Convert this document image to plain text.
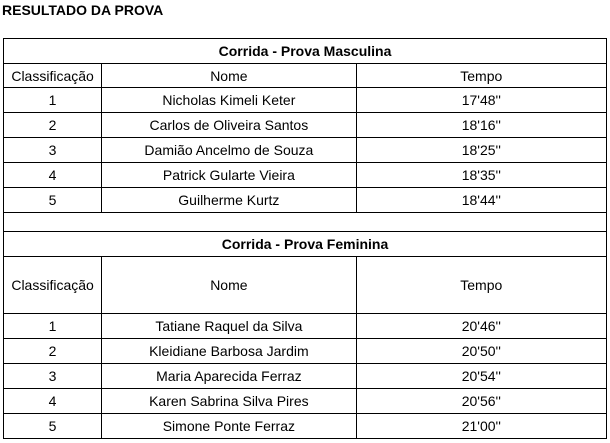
RESULTADO DA PROVA
Corrida - Prova Masculina		
Classificação	Nome	Tempo
1	Nicholas Kimeli Keter	17'48''
2	Carlos de Oliveira Santos	18'16''
3	Damião Ancelmo de Souza	18'25''
4	Patrick Gularte Vieira	18'35''
5	Guilherme Kurtz	18'44''

Corrida - Prova Feminina		
Classificação	Nome	Tempo
1	Tatiane Raquel da Silva	20'46''
2	Kleidiane Barbosa Jardim	20'50''
3	Maria Aparecida Ferraz	20'54''
4	Karen Sabrina Silva Pires	20'56''
5	Simone Ponte Ferraz	21'00''
